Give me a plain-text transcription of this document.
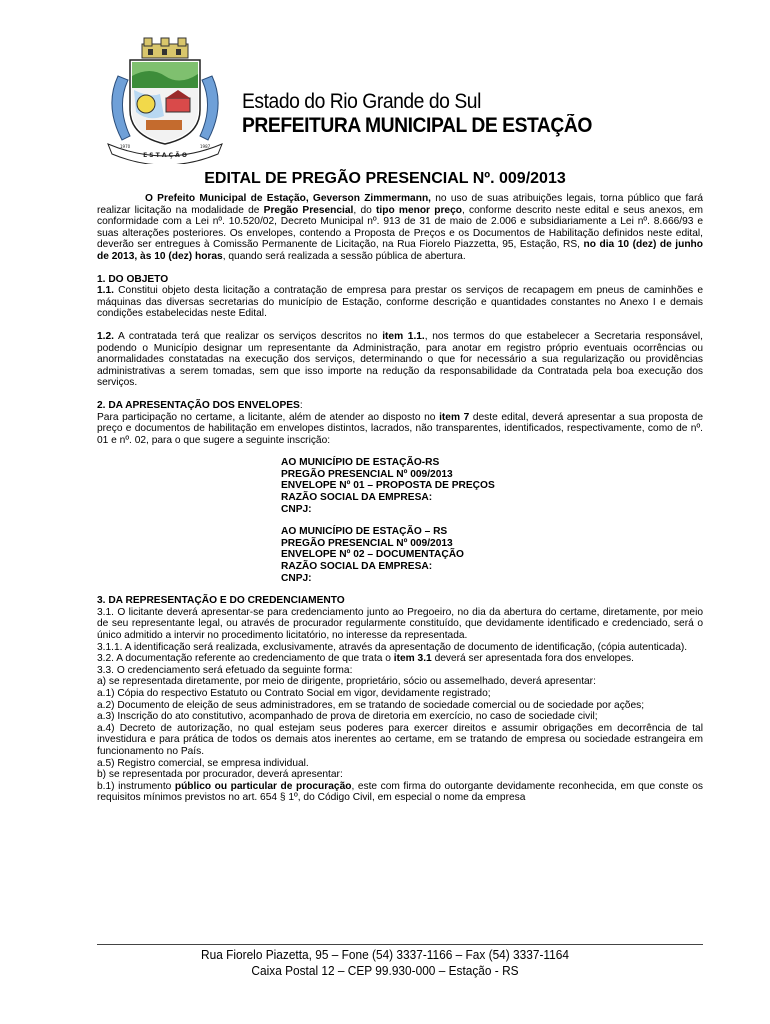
E S T A Ç Ã O
1970	1987
Estado do Rio Grande do Sul
PREFEITURA MUNICIPAL DE ESTAÇÃO
EDITAL DE PREGÃO PRESENCIAL Nº. 009/2013

O Prefeito Municipal de Estação, Geverson Zimmermann, no uso de suas atribuições legais, torna público que fará realizar licitação na modalidade de Pregão Presencial, do tipo menor preço, conforme descrito neste edital e seus anexos, em conformidade com a Lei nº. 10.520/02, Decreto Municipal nº. 913 de 31 de maio de 2.006 e subsidiariamente a Lei nº. 8.666/93 e suas alterações posteriores. Os envelopes, contendo a Proposta de Preços e os Documentos de Habilitação definidos neste edital, deverão ser entregues à Comissão Permanente de Licitação, na Rua Fiorelo Piazzetta, 95, Estação, RS, no dia 10 (dez) de junho de 2013, às 10 (dez) horas, quando será realizada a sessão pública de abertura.

1. DO OBJETO

1.1. Constitui objeto desta licitação a contratação de empresa para prestar os serviços de recapagem em pneus de caminhões e máquinas das diversas secretarias do município de Estação, conforme descrição e quantidades constantes no Anexo I e demais condições estabelecidas neste Edital.

1.2. A contratada terá que realizar os serviços descritos no item 1.1., nos termos do que estabelecer a Secretaria responsável, podendo o Município designar um representante da Administração, para anotar em registro próprio eventuais ocorrências ou anormalidades constatadas na execução dos serviços, determinando o que for necessário a sua regularização ou providências administrativas a serem tomadas, sem que isso importe na redução da responsabilidade da Contratada pela boa execução dos serviços.

2. DA APRESENTAÇÃO DOS ENVELOPES:

Para participação no certame, a licitante, além de atender ao disposto no item 7 deste edital, deverá apresentar a sua proposta de preço e documentos de habilitação em envelopes distintos, lacrados, não transparentes, identificados, respectivamente, como de nº. 01 e nº. 02, para o que sugere a seguinte inscrição:

AO MUNICÍPIO DE ESTAÇÃO-RS
PREGÃO PRESENCIAL Nº 009/2013
ENVELOPE Nº 01 – PROPOSTA DE PREÇOS
RAZÃO SOCIAL DA EMPRESA:
CNPJ:
AO MUNICÍPIO DE ESTAÇÃO – RS
PREGÃO PRESENCIAL Nº 009/2013
ENVELOPE Nº 02 – DOCUMENTAÇÃO
RAZÃO SOCIAL DA EMPRESA:
CNPJ:

3. DA REPRESENTAÇÃO E DO CREDENCIAMENTO

3.1. O licitante deverá apresentar-se para credenciamento junto ao Pregoeiro, no dia da abertura do certame, diretamente, por meio de seu representante legal, ou através de procurador regularmente constituído, que devidamente identificado e credenciado, será o único admitido a intervir no procedimento licitatório, no interesse da representada.

3.1.1. A identificação será realizada, exclusivamente, através da apresentação de documento de identificação, (cópia autenticada).

3.2. A documentação referente ao credenciamento de que trata o item 3.1 deverá ser apresentada fora dos envelopes.

3.3. O credenciamento será efetuado da seguinte forma:

a) se representada diretamente, por meio de dirigente, proprietário, sócio ou assemelhado, deverá apresentar:

a.1) Cópia do respectivo Estatuto ou Contrato Social em vigor, devidamente registrado;

a.2) Documento de eleição de seus administradores, em se tratando de sociedade comercial ou de sociedade por ações;

a.3) Inscrição do ato constitutivo, acompanhado de prova de diretoria em exercício, no caso de sociedade civil;

a.4) Decreto de autorização, no qual estejam seus poderes para exercer direitos e assumir obrigações em decorrência de tal investidura e para prática de todos os demais atos inerentes ao certame, em se tratando de empresa ou sociedade estrangeira em funcionamento no País.

a.5) Registro comercial, se empresa individual.

b) se representada por procurador, deverá apresentar:

b.1) instrumento público ou particular de procuração, este com firma do outorgante devidamente reconhecida, em que conste os requisitos mínimos previstos no art. 654 § 1º, do Código Civil, em especial o nome da empresa

Rua Fiorelo Piazetta, 95 – Fone (54) 3337-1166 – Fax (54) 3337-1164
Caixa Postal 12 – CEP 99.930-000 – Estação - RS
